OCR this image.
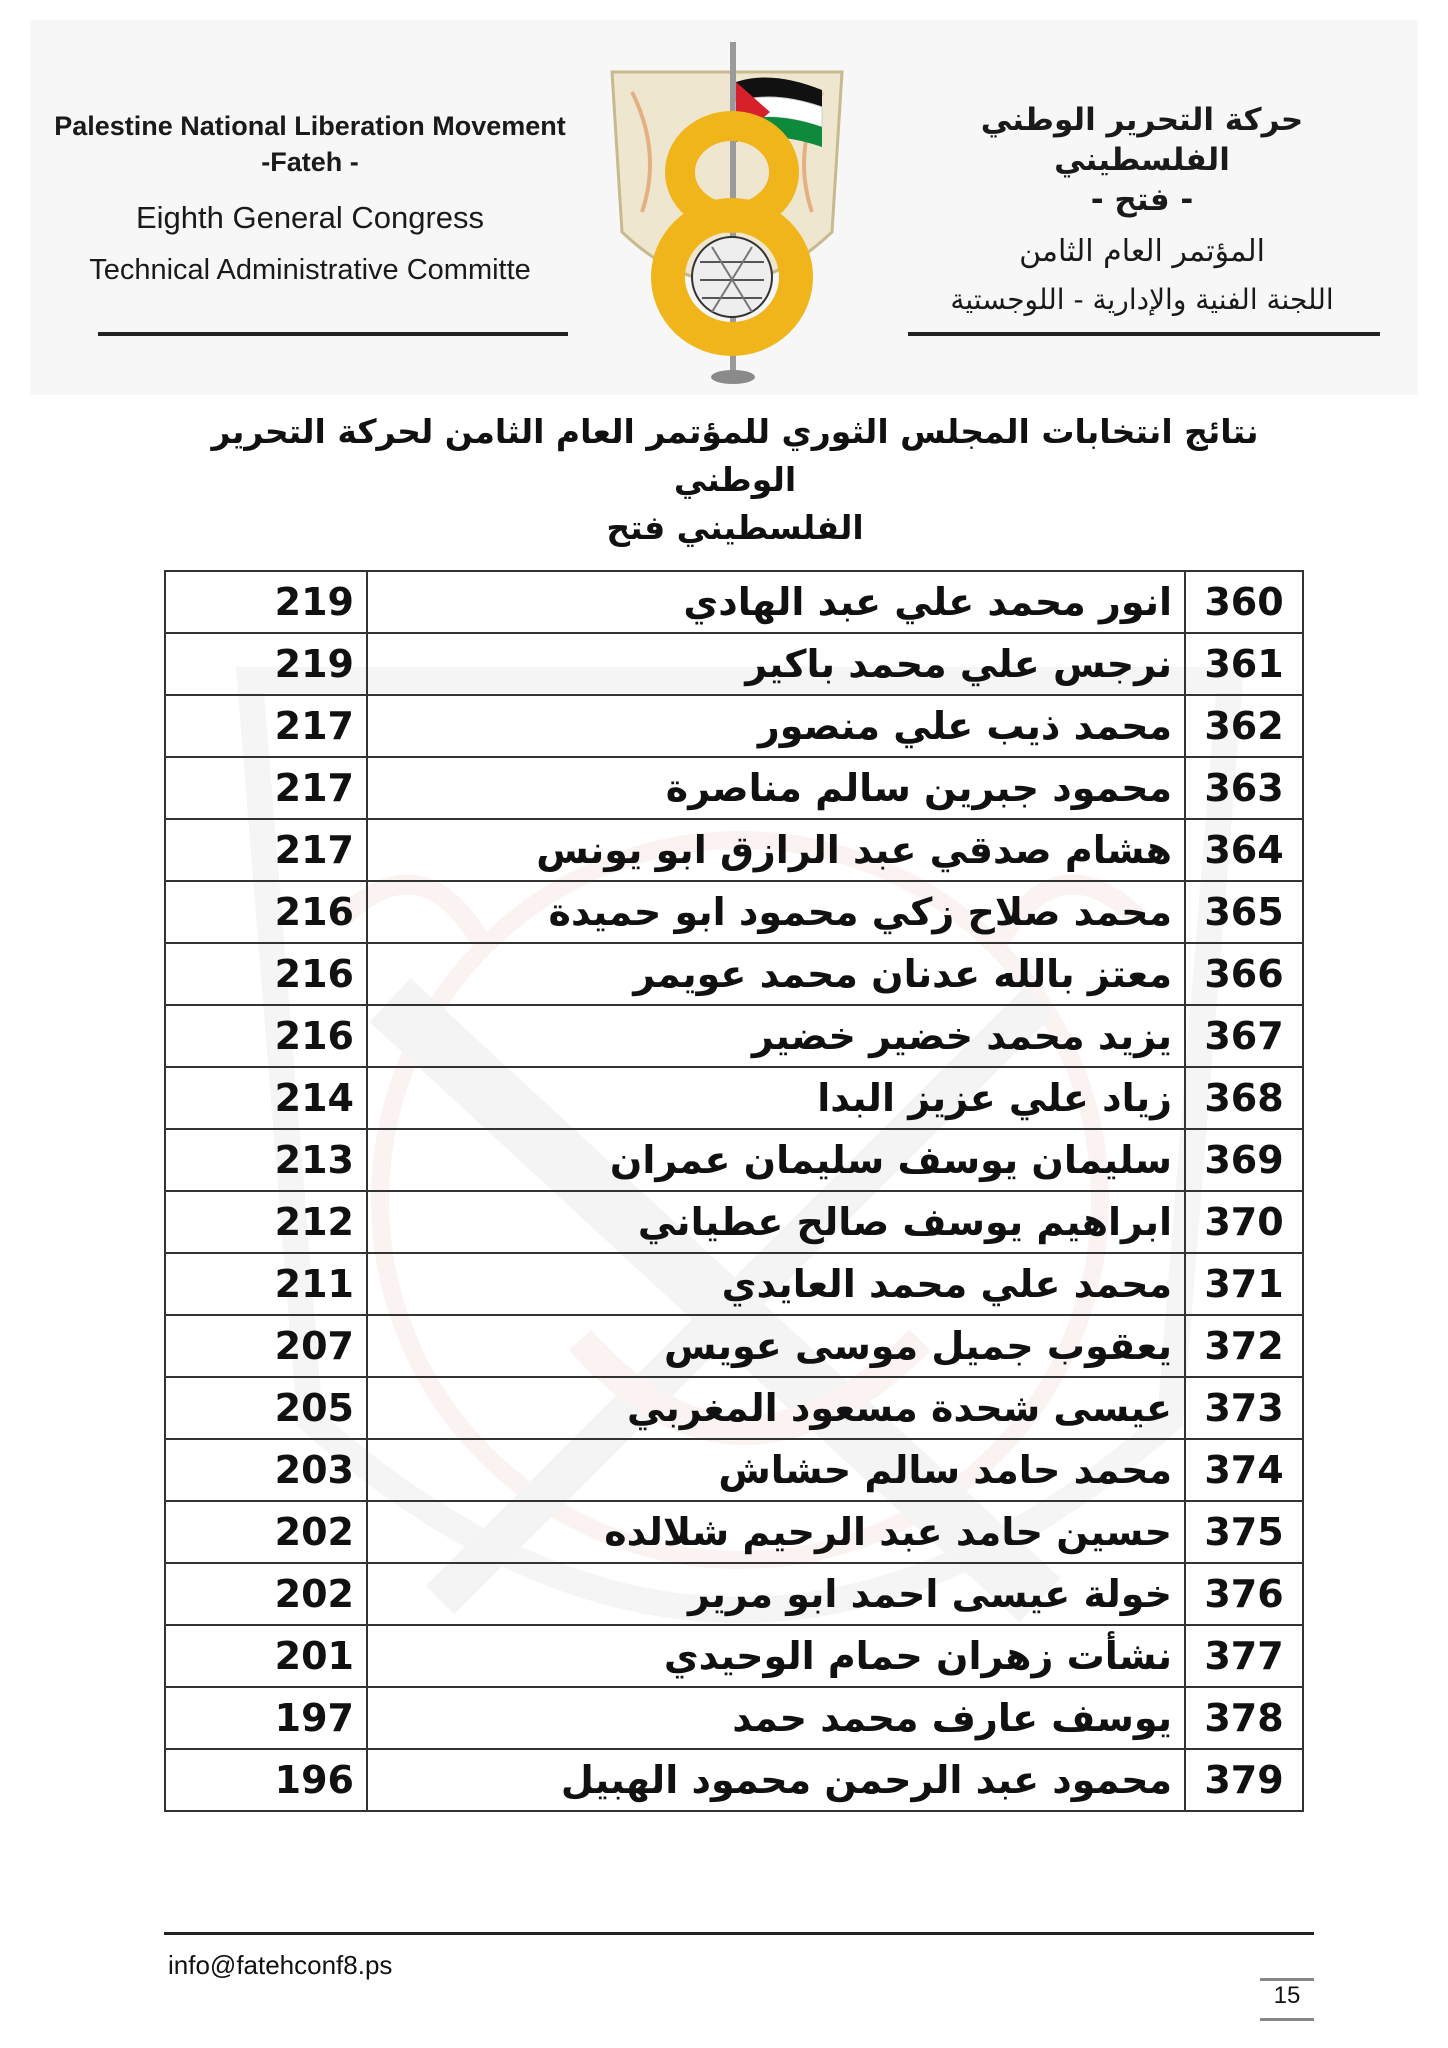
Palestine National Liberation Movement
-Fateh -
Eighth General Congress
Technical Administrative Committe
حركة التحرير الوطني الفلسطيني
- فتح -
المؤتمر العام الثامن
اللجنة الفنية والإدارية - اللوجستية
نتائج انتخابات المجلس الثوري للمؤتمر العام الثامن لحركة التحرير الوطني
الفلسطيني فتح
219	انور محمد علي عبد الهادي	360
219	نرجس علي محمد باكير	361
217	محمد ذيب علي منصور	362
217	محمود جبرين سالم مناصرة	363
217	هشام صدقي عبد الرازق ابو يونس	364
216	محمد صلاح زكي محمود ابو حميدة	365
216	معتز بالله عدنان محمد عويمر	366
216	يزيد محمد خضير خضير	367
214	زياد علي عزيز البدا	368
213	سليمان يوسف سليمان عمران	369
212	ابراهيم يوسف صالح عطياني	370
211	محمد علي محمد العايدي	371
207	يعقوب جميل موسى عويس	372
205	عيسى شحدة مسعود المغربي	373
203	محمد حامد سالم حشاش	374
202	حسين حامد عبد الرحيم شلالده	375
202	خولة عيسى احمد ابو مرير	376
201	نشأت زهران حمام الوحيدي	377
197	يوسف عارف محمد حمد	378
196	محمود عبد الرحمن محمود الهبيل	379
info@fatehconf8.ps
15
